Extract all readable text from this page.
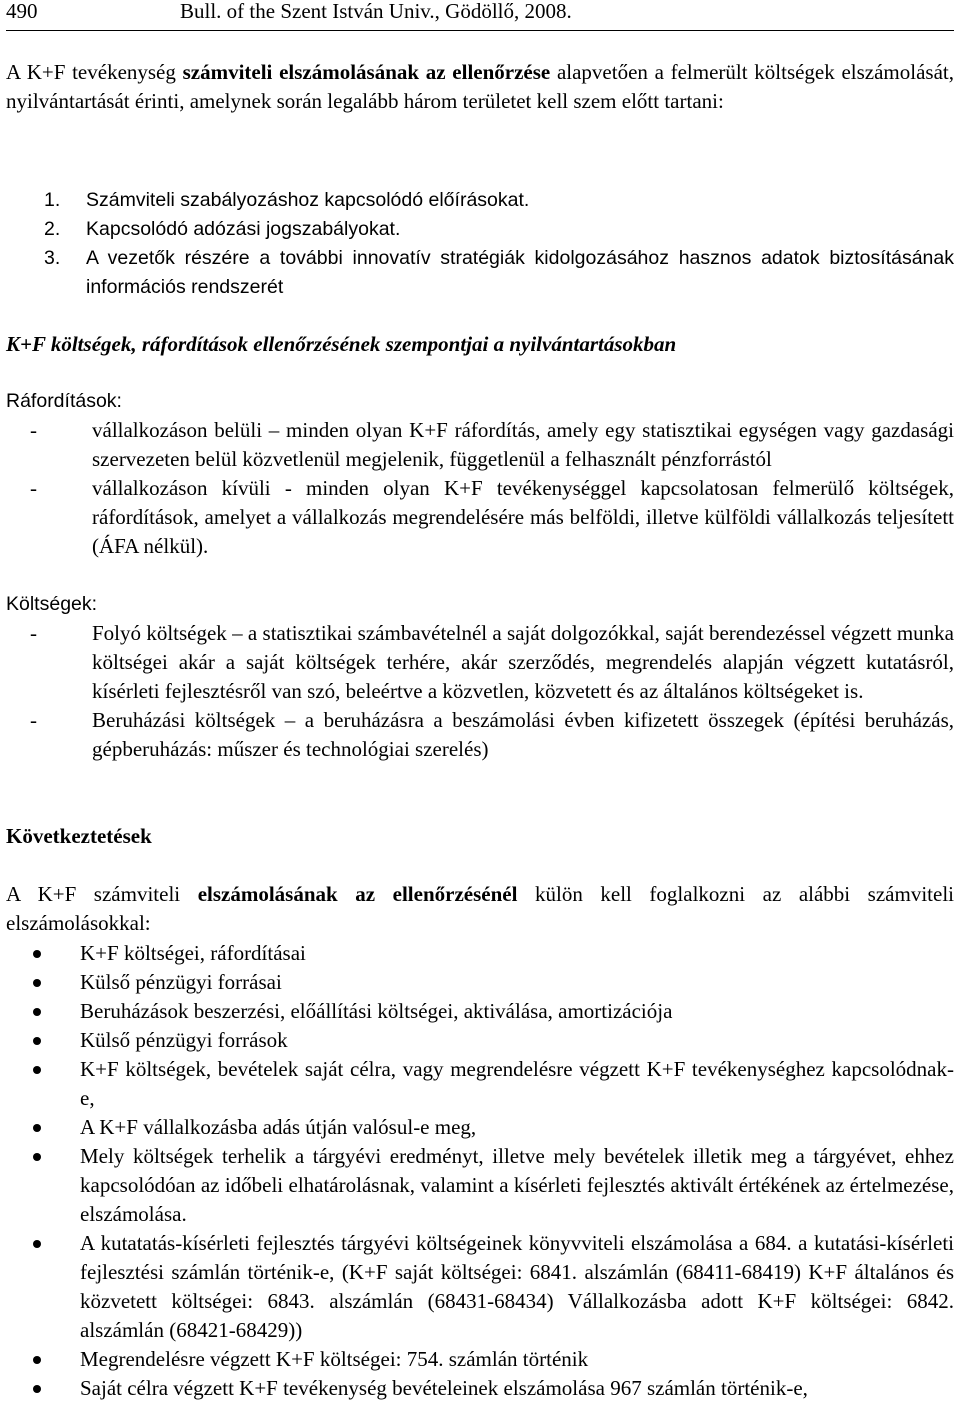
490	Bull. of the Szent István Univ., Gödöllő, 2008.
A K+F tevékenység számviteli elszámolásának az ellenőrzése alapvetően a felmerült költségek elszámolását, nyilvántartását érinti, amelynek során legalább három területet kell szem előtt tartani:
1. Számviteli szabályozáshoz kapcsolódó előírásokat.
2. Kapcsolódó adózási jogszabályokat.
3. A vezetők részére a további innovatív stratégiák kidolgozásához hasznos adatok biztosításának információs rendszerét
K+F költségek, ráfordítások ellenőrzésének szempontjai a nyilvántartásokban
Ráfordítások:
-	vállalkozáson belüli – minden olyan K+F ráfordítás, amely egy statisztikai egységen vagy gazdasági szervezeten belül közvetlenül megjelenik, függetlenül a felhasznált pénzforrástól
-	vállalkozáson kívüli - minden olyan K+F tevékenységgel kapcsolatosan felmerülő költségek, ráfordítások, amelyet a vállalkozás megrendelésére más belföldi, illetve külföldi vállalkozás teljesített (ÁFA nélkül).
Költségek:
-	Folyó költségek – a statisztikai számbavételnél a saját dolgozókkal, saját berendezéssel végzett munka költségei akár a saját költségek terhére, akár szerződés, megrendelés alapján végzett kutatásról, kísérleti fejlesztésről van szó, beleértve a közvetlen, közvetett és az általános költségeket is.
-	Beruházási költségek – a beruházásra a beszámolási évben kifizetett összegek (építési beruházás, gépberuházás: műszer és technológiai szerelés)
Következtetések
A K+F számviteli elszámolásának az ellenőrzésénél külön kell foglalkozni az alábbi számviteli elszámolásokkal:
K+F költségei, ráfordításai
Külső pénzügyi forrásai
Beruházások beszerzési, előállítási költségei, aktiválása, amortizációja
Külső pénzügyi források
K+F költségek, bevételek saját célra, vagy megrendelésre végzett K+F tevékenységhez kapcsolódnak-e,
A K+F vállalkozásba adás útján valósul-e meg,
Mely költségek terhelik a tárgyévi eredményt, illetve mely bevételek illetik meg a tárgyévet, ehhez kapcsolódóan az időbeli elhatárolásnak, valamint a kísérleti fejlesztés aktivált értékének az értelmezése, elszámolása.
A kutatatás-kísérleti fejlesztés tárgyévi költségeinek könyvviteli elszámolása a 684. a kutatási-kísérleti fejlesztési számlán történik-e, (K+F saját költségei: 6841. alszámlán (68411-68419) K+F általános és közvetett költségei: 6843. alszámlán (68431-68434) Vállalkozásba adott K+F költségei: 6842. alszámlán (68421-68429))
Megrendelésre végzett K+F költségei: 754. számlán történik
Saját célra végzett K+F tevékenység bevételeinek elszámolása 967 számlán történik-e,
